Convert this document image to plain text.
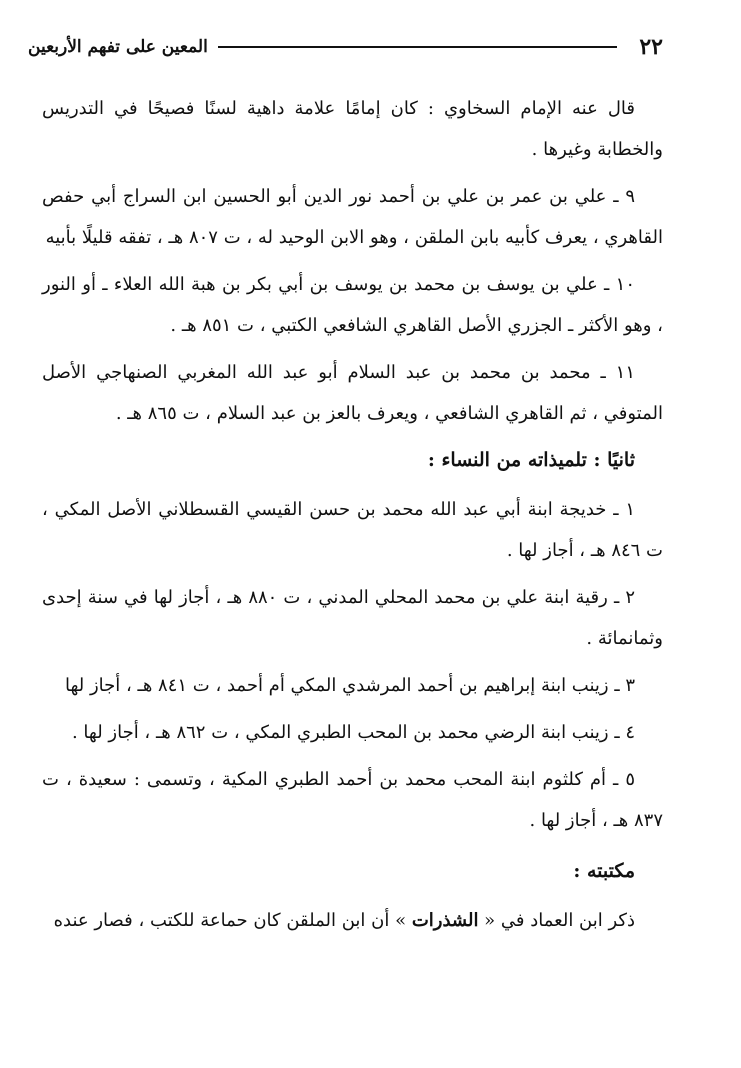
٢٢
المعين على تفهم الأربعين

قال عنه الإمام السخاوي : كان إمامًا علامة داهية لسنًا فصيحًا في التدريس والخطابة وغيرها .

٩ ـ علي بن عمر بن علي بن أحمد نور الدين أبو الحسين ابن السراج أبي حفص القاهري ، يعرف كأبيه بابن الملقن ، وهو الابن الوحيد له ، ت ٨٠٧ هـ ، تفقه قليلًا بأبيه

١٠ ـ علي بن يوسف بن محمد بن يوسف بن أبي بكر بن هبة الله العلاء ـ أو النور ، وهو الأكثر ـ الجزري الأصل القاهري الشافعي الكتبي ، ت ٨٥١ هـ .

١١ ـ محمد بن محمد بن عبد السلام أبو عبد الله المغربي الصنهاجي الأصل المتوفي ، ثم القاهري الشافعي ، ويعرف بالعز بن عبد السلام ، ت ٨٦٥ هـ .

ثانيًا : تلميذاته من النساء :

١ ـ خديجة ابنة أبي عبد الله محمد بن حسن القيسي القسطلاني الأصل المكي ، ت ٨٤٦ هـ ، أجاز لها .

٢ ـ رقية ابنة علي بن محمد المحلي المدني ، ت ٨٨٠ هـ ، أجاز لها في سنة إحدى وثمانمائة .

٣ ـ زينب ابنة إبراهيم بن أحمد المرشدي المكي أم أحمد ، ت ٨٤١ هـ ، أجاز لها

٤ ـ زينب ابنة الرضي محمد بن المحب الطبري المكي ، ت ٨٦٢ هـ ، أجاز لها .

٥ ـ أم كلثوم ابنة المحب محمد بن أحمد الطبري المكية ، وتسمى : سعيدة ، ت ٨٣٧ هـ ، أجاز لها .

مكتبته :

ذكر ابن العماد في « الشذرات » أن ابن الملقن كان حماعة للكتب ، فصار عنده
